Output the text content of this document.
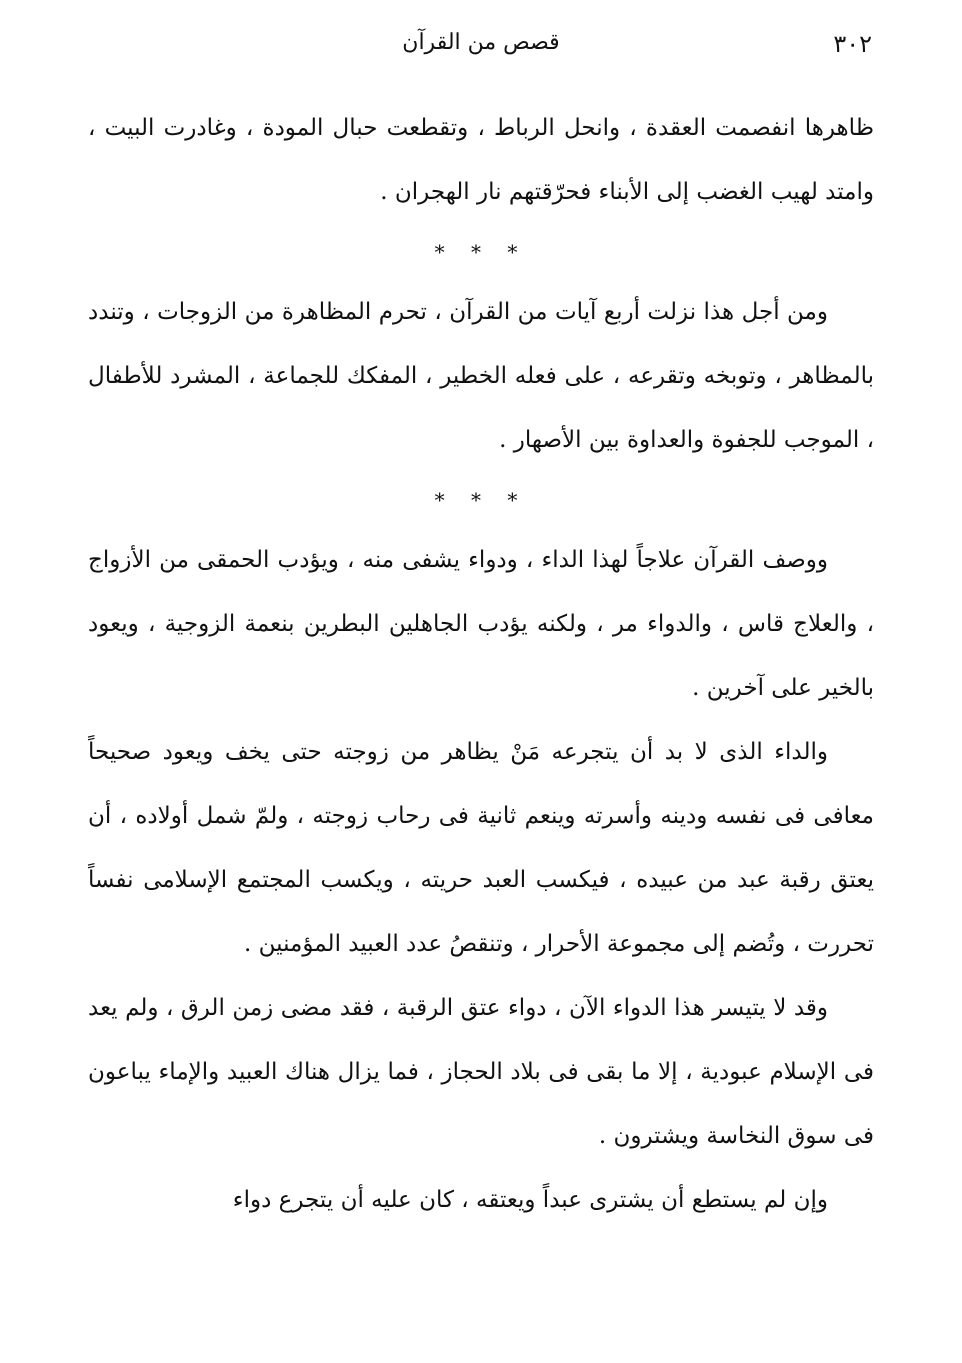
٣٠٢
قصص من القرآن

ظاهرها انفصمت العقدة ، وانحل الرباط ، وتقطعت حبال المودة ، وغادرت البيت ، وامتد لهيب الغضب إلى الأبناء فحرّقتهم نار الهجران .

* * *

ومن أجل هذا نزلت أربع آيات من القرآن ، تحرم المظاهرة من الزوجات ، وتندد بالمظاهر ، وتوبخه وتقرعه ، على فعله الخطير ، المفكك للجماعة ، المشرد للأطفال ، الموجب للجفوة والعداوة بين الأصهار .

* * *

ووصف القرآن علاجاً لهذا الداء ، ودواء يشفى منه ، ويؤدب الحمقى من الأزواج ، والعلاج قاس ، والدواء مر ، ولكنه يؤدب الجاهلين البطرين بنعمة الزوجية ، ويعود بالخير على آخرين .

والداء الذى لا بد أن يتجرعه مَنْ يظاهر من زوجته حتى يخف ويعود صحيحاً معافى فى نفسه ودينه وأسرته وينعم ثانية فى رحاب زوجته ، ولمّ شمل أولاده ، أن يعتق رقبة عبد من عبيده ، فيكسب العبد حريته ، ويكسب المجتمع الإسلامى نفساً تحررت ، وتُضم إلى مجموعة الأحرار ، وتنقصُ عدد العبيد المؤمنين .

وقد لا يتيسر هذا الدواء الآن ، دواء عتق الرقبة ، فقد مضى زمن الرق ، ولم يعد فى الإسلام عبودية ، إلا ما بقى فى بلاد الحجاز ، فما يزال هناك العبيد والإماء يباعون فى سوق النخاسة ويشترون .

وإن لم يستطع أن يشترى عبداً ويعتقه ، كان عليه أن يتجرع دواء
